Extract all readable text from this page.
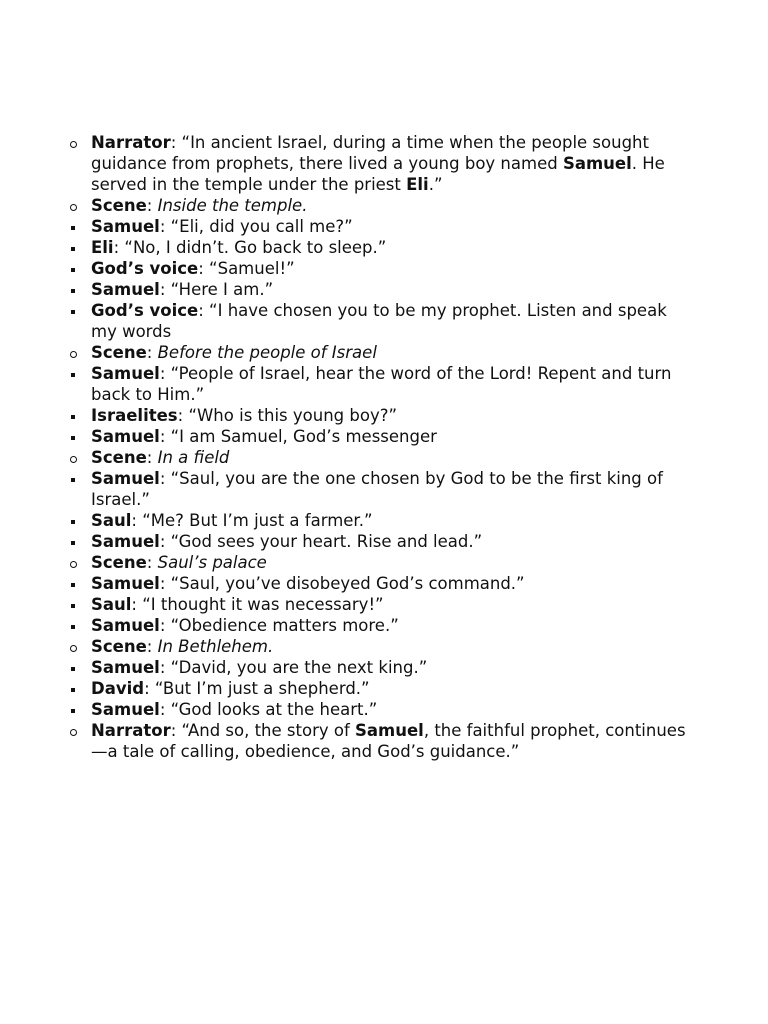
Narrator: “In ancient Israel, during a time when the people sought guidance from prophets, there lived a young boy named Samuel. He served in the temple under the priest Eli.”
Scene: Inside the temple.
Samuel: “Eli, did you call me?”
Eli: “No, I didn’t. Go back to sleep.”
God’s voice: “Samuel!”
Samuel: “Here I am.”
God’s voice: “I have chosen you to be my prophet. Listen and speak my words
Scene: Before the people of Israel
Samuel: “People of Israel, hear the word of the Lord! Repent and turn back to Him.”
Israelites: “Who is this young boy?”
Samuel: “I am Samuel, God’s messenger
Scene: In a field
Samuel: “Saul, you are the one chosen by God to be the first king of Israel.”
Saul: “Me? But I’m just a farmer.”
Samuel: “God sees your heart. Rise and lead.”
Scene: Saul’s palace
Samuel: “Saul, you’ve disobeyed God’s command.”
Saul: “I thought it was necessary!”
Samuel: “Obedience matters more.”
Scene: In Bethlehem.
Samuel: “David, you are the next king.”
David: “But I’m just a shepherd.”
Samuel: “God looks at the heart.”
Narrator: “And so, the story of Samuel, the faithful prophet, continues—a tale of calling, obedience, and God’s guidance.”
